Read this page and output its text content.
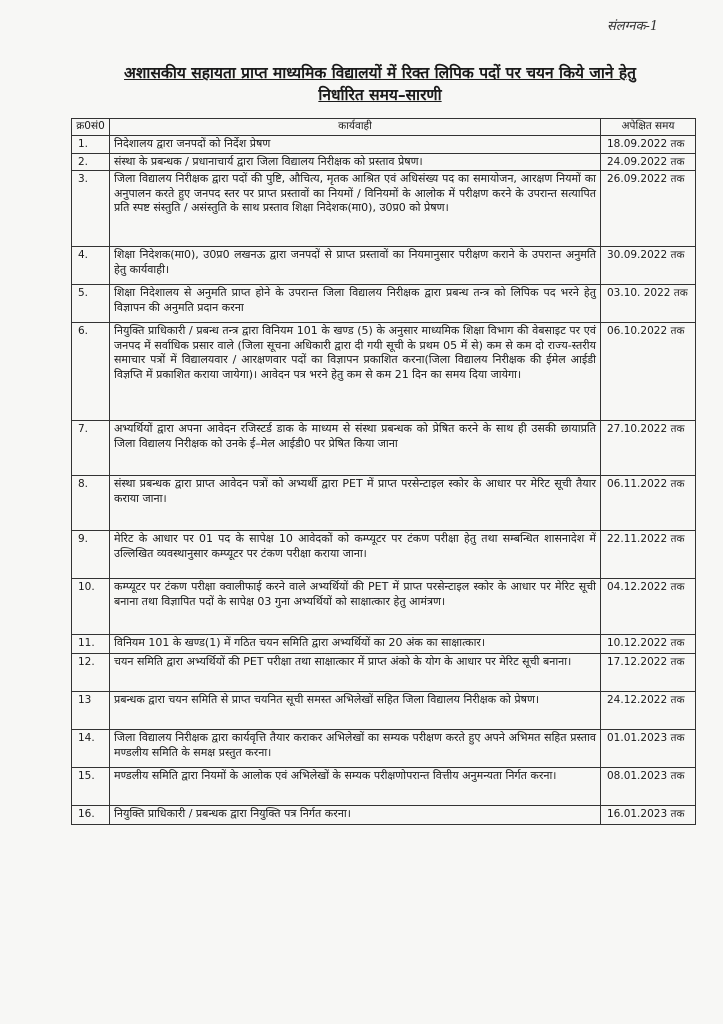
संलग्नक-1
अशासकीय सहायता प्राप्त माध्यमिक विद्यालयों में रिक्त लिपिक पदों पर चयन किये जाने हेतु
निर्धारित समय–सारणी
क्र0सं0	कार्यवाही	अपेक्षित समय
1.	निदेशालय द्वारा जनपदों को निर्देश प्रेषण	18.09.2022 तक
2.	संस्था के प्रबन्धक / प्रधानाचार्य द्वारा जिला विद्यालय निरीक्षक को प्रस्ताव प्रेषण।	24.09.2022 तक
3.	जिला विद्यालय निरीक्षक द्वारा पदों की पुष्टि, औचित्य, मृतक आश्रित एवं अधिसंख्य पद का समायोजन, आरक्षण नियमों का अनुपालन करते हुए जनपद स्तर पर प्राप्त प्रस्तावों का नियमों / विनियमों के आलोक में परीक्षण करने के उपरान्त सत्यापित प्रति स्पष्ट संस्तुति / असंस्तुति के साथ प्रस्ताव शिक्षा निदेशक(मा0), उ0प्र0 को प्रेषण।	26.09.2022 तक
4.	शिक्षा निदेशक(मा0), उ0प्र0 लखनऊ द्वारा जनपदों से प्राप्त प्रस्तावों का नियमानुसार परीक्षण कराने के उपरान्त अनुमति हेतु कार्यवाही।	30.09.2022 तक
5.	शिक्षा निदेशालय से अनुमति प्राप्त होने के उपरान्त जिला विद्यालय निरीक्षक द्वारा प्रबन्ध तन्त्र को लिपिक पद भरने हेतु विज्ञापन की अनुमति प्रदान करना	03.10. 2022 तक
6.	नियुक्ति प्राधिकारी / प्रबन्ध तन्त्र द्वारा विनियम 101 के खण्ड (5) के अनुसार माध्यमिक शिक्षा विभाग की वेबसाइट पर एवं जनपद में सर्वाधिक प्रसार वाले (जिला सूचना अधिकारी द्वारा दी गयी सूची के प्रथम 05 में से) कम से कम दो राज्य-स्तरीय समाचार पत्रों में विद्यालयवार / आरक्षणवार पदों का विज्ञापन प्रकाशित करना(जिला विद्यालय निरीक्षक की ईमेल आईडी विज्ञप्ति में प्रकाशित कराया जायेगा)। आवेदन पत्र भरने हेतु कम से कम 21 दिन का समय दिया जायेगा।	06.10.2022 तक
7.	अभ्यर्थियों द्वारा अपना आवेदन रजिस्टर्ड डाक के माध्यम से संस्था प्रबन्धक को प्रेषित करने के साथ ही उसकी छायाप्रति जिला विद्यालय निरीक्षक को उनके ई–मेल आईडी0 पर प्रेषित किया जाना	27.10.2022 तक
8.	संस्था प्रबन्धक द्वारा प्राप्त आवेदन पत्रों को अभ्यर्थी द्वारा PET में प्राप्त परसेन्टाइल स्कोर के आधार पर मेरिट सूची तैयार कराया जाना।	06.11.2022 तक
9.	मेरिट के आधार पर 01 पद के सापेक्ष 10 आवेदकों को कम्प्यूटर पर टंकण परीक्षा हेतु तथा सम्बन्धित शासनादेश में उल्लिखित व्यवस्थानुसार कम्प्यूटर पर टंकण परीक्षा कराया जाना।	22.11.2022 तक
10.	कम्प्यूटर पर टंकण परीक्षा क्वालीफाई करने वाले अभ्यर्थियों की PET में प्राप्त परसेन्टाइल स्कोर के आधार पर मेरिट सूची बनाना तथा विज्ञापित पदों के सापेक्ष 03 गुना अभ्यर्थियों को साक्षात्कार हेतु आमंत्रण।	04.12.2022 तक
11.	विनियम 101 के खण्ड(1) में गठित चयन समिति द्वारा अभ्यर्थियों का 20 अंक का साक्षात्कार।	10.12.2022 तक
12.	चयन समिति द्वारा अभ्यर्थियों की PET परीक्षा तथा साक्षात्कार में प्राप्त अंको के योग के आधार पर मेरिट सूची बनाना।	17.12.2022 तक
13	प्रबन्धक द्वारा चयन समिति से प्राप्त चयनित सूची समस्त अभिलेखों सहित जिला विद्यालय निरीक्षक को प्रेषण।	24.12.2022 तक
14.	जिला विद्यालय निरीक्षक द्वारा कार्यवृत्ति तैयार कराकर अभिलेखों का सम्यक परीक्षण करते हुए अपने अभिमत सहित प्रस्ताव मण्डलीय समिति के समक्ष प्रस्तुत करना।	01.01.2023 तक
15.	मण्डलीय समिति द्वारा नियमों के आलोक एवं अभिलेखों के सम्यक परीक्षणोपरान्त वित्तीय अनुमन्यता निर्गत करना।	08.01.2023 तक
16.	नियुक्ति प्राधिकारी / प्रबन्धक द्वारा नियुक्ति पत्र निर्गत करना।	16.01.2023 तक
